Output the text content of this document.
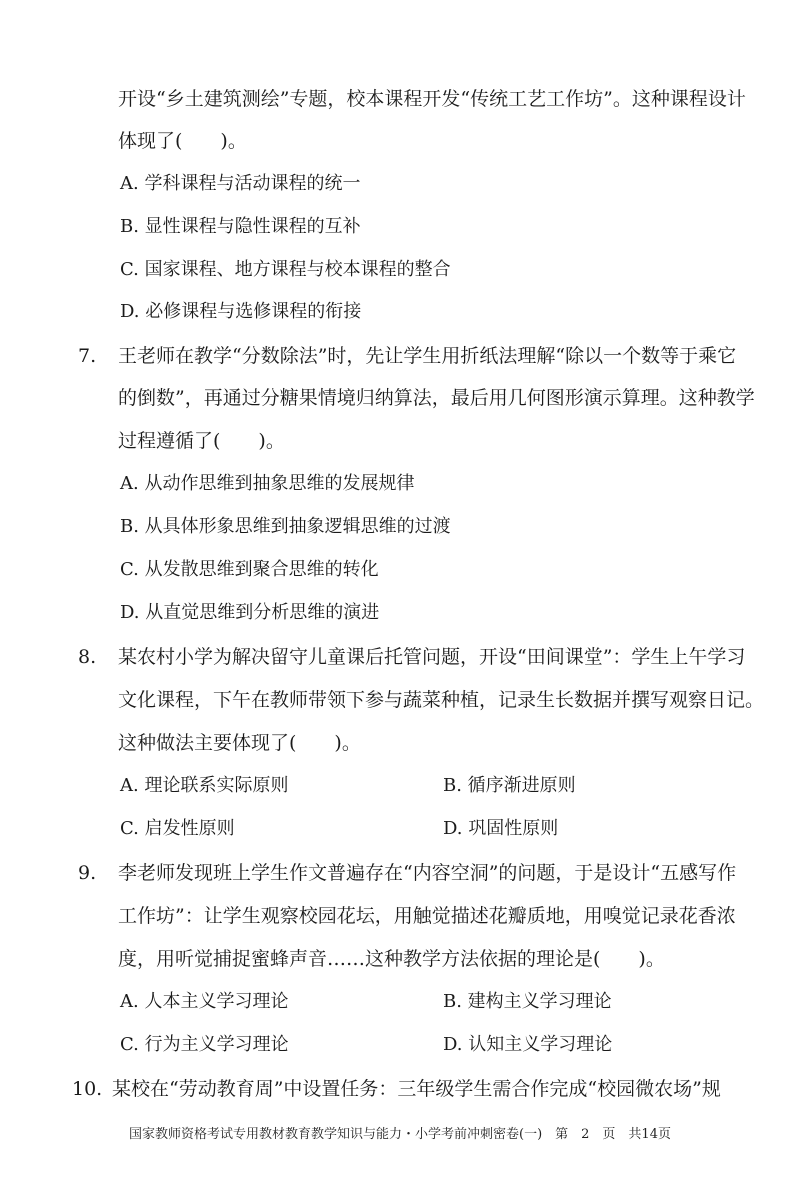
开设“乡土建筑测绘”专题，校本课程开发“传统工艺工作坊”。这种课程设计
体现了(　　)。
A. 学科课程与活动课程的统一
B. 显性课程与隐性课程的互补
C. 国家课程、地方课程与校本课程的整合
D. 必修课程与选修课程的衔接
7. 王老师在教学“分数除法”时，先让学生用折纸法理解“除以一个数等于乘它
的倒数”，再通过分糖果情境归纳算法，最后用几何图形演示算理。这种教学
过程遵循了(　　)。
A. 从动作思维到抽象思维的发展规律
B. 从具体形象思维到抽象逻辑思维的过渡
C. 从发散思维到聚合思维的转化
D. 从直觉思维到分析思维的演进
8. 某农村小学为解决留守儿童课后托管问题，开设“田间课堂”：学生上午学习
文化课程，下午在教师带领下参与蔬菜种植，记录生长数据并撰写观察日记。
这种做法主要体现了(　　)。
A. 理论联系实际原则	B. 循序渐进原则
C. 启发性原则	D. 巩固性原则
9. 李老师发现班上学生作文普遍存在“内容空洞”的问题，于是设计“五感写作
工作坊”：让学生观察校园花坛，用触觉描述花瓣质地，用嗅觉记录花香浓
度，用听觉捕捉蜜蜂声音……这种教学方法依据的理论是(　　)。
A. 人本主义学习理论	B. 建构主义学习理论
C. 行为主义学习理论	D. 认知主义学习理论
10. 某校在“劳动教育周”中设置任务：三年级学生需合作完成“校园微农场”规
国家教师资格考试专用教材教育教学知识与能力・小学考前冲刺密卷(一)　第　2　页　共14页
